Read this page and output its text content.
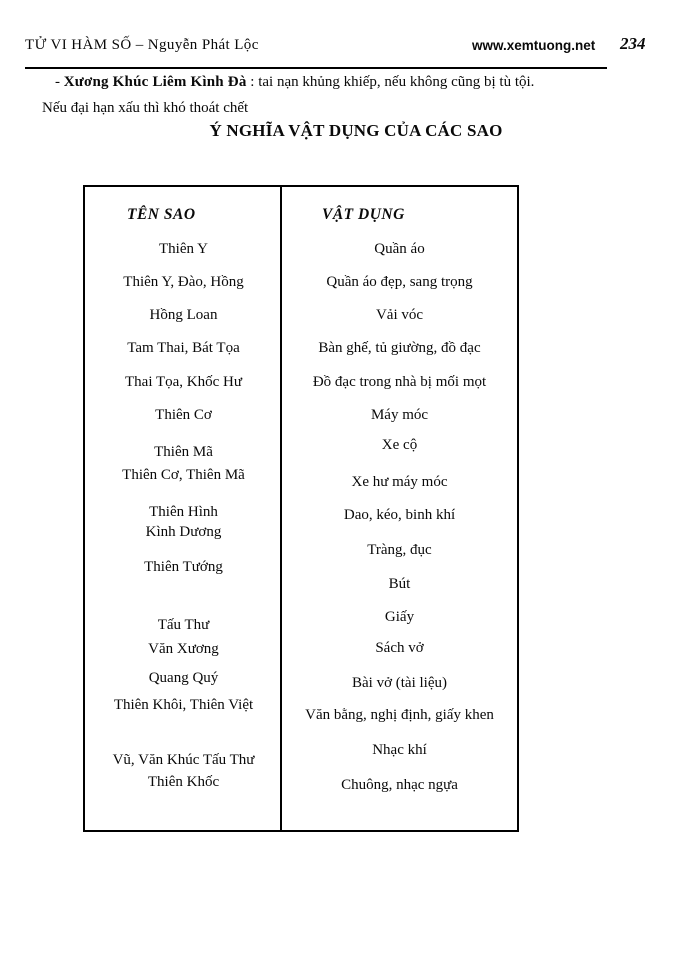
TỬ VI HÀM SỐ – Nguyễn Phát Lộc	www.xemtuong.net 234
- Xương Khúc Liêm Kình Đà : tai nạn khủng khiếp, nếu không cũng bị tù tội.
Nếu đại hạn xấu thì khó thoát chết
Ý NGHĨA VẬT DỤNG CỦA CÁC SAO
TÊN SAO	VẬT DỤNG
Thiên Y
Thiên Y, Đào, Hồng
Hồng Loan
Tam Thai, Bát Tọa
Thai Tọa, Khốc Hư
Thiên Cơ
Thiên Mã
Thiên Cơ, Thiên Mã
Thiên Hình
Kình Dương
Thiên Tướng
Tấu Thư
Văn Xương
Quang Quý
Thiên Khôi, Thiên Việt
Vũ, Văn Khúc Tấu Thư
Thiên Khốc
Quần áo
Quần áo đẹp, sang trọng
Vải vóc
Bàn ghế, tủ giường, đồ đạc
Đồ đạc trong nhà bị mối mọt
Máy móc
Xe cộ
Xe hư máy móc
Dao, kéo, binh khí
Tràng, đục
Bút
Giấy
Sách vở
Bài vở (tài liệu)
Văn bằng, nghị định, giấy khen
Nhạc khí
Chuông, nhạc ngựa
